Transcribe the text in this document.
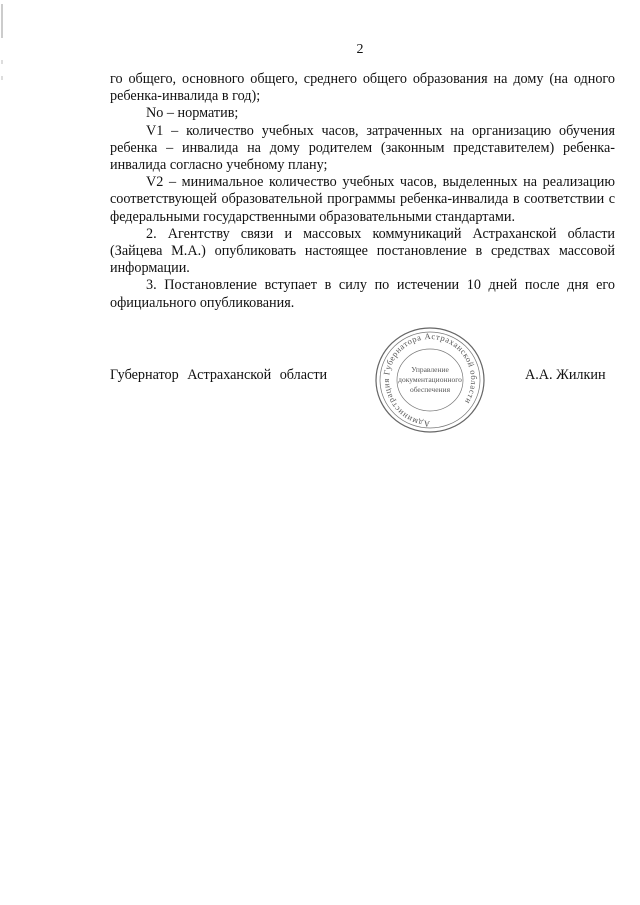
2

го общего, основного общего, среднего общего образования на дому (на одного ребенка-инвалида в год);

No – норматив;

V1 – количество учебных часов, затраченных на организацию обучения ребенка – инвалида на дому родителем (законным представителем) ребенка-инвалида согласно учебному плану;

V2 – минимальное количество учебных часов, выделенных на реализацию соответствующей образовательной программы ребенка-инвалида в соответствии с федеральными государственными образовательными стандартами.

2. Агентству связи и массовых коммуникаций Астраханской области (Зайцева М.А.) опубликовать настоящее постановление в средствах массовой информации.

3. Постановление вступает в силу по истечении 10 дней после дня его официального опубликования.

Губернатор Астраханской области
Администрация Губернатора Астраханской области
Управление
документационного
обеспечения
А.А. Жилкин
